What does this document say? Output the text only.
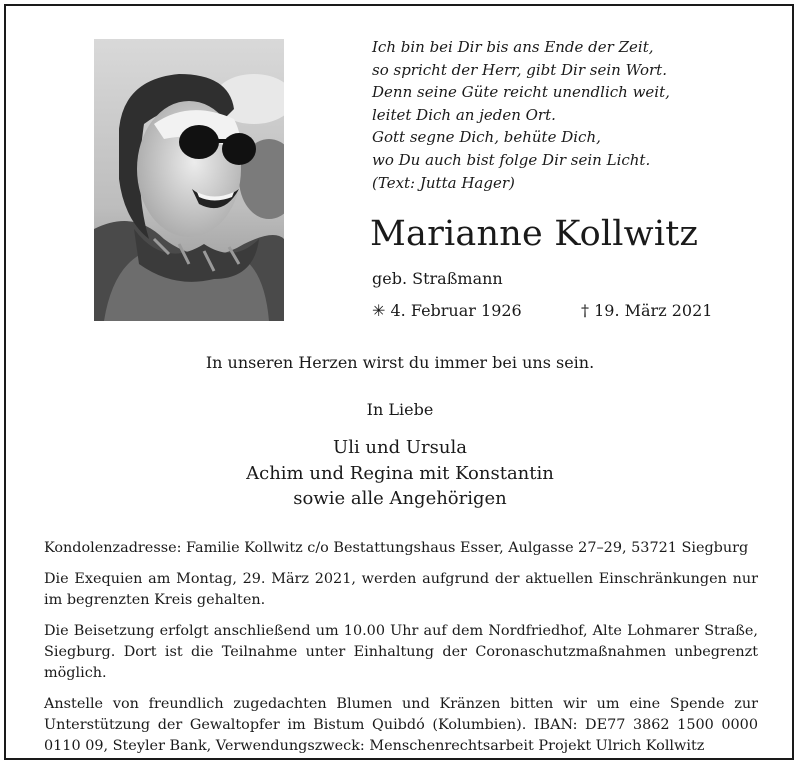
Ich bin bei Dir bis ans Ende der Zeit,
so spricht der Herr, gibt Dir sein Wort.
Denn seine Güte reicht unendlich weit,
leitet Dich an jeden Ort.
Gott segne Dich, behüte Dich,
wo Du auch bist folge Dir sein Licht.
(Text: Jutta Hager)
Marianne Kollwitz
geb. Straßmann
✳ 4. Februar 1926	† 19. März 2021
In unseren Herzen wirst du immer bei uns sein.
In Liebe
Uli und Ursula
Achim und Regina mit Konstantin
sowie alle Angehörigen

Kondolenzadresse: Familie Kollwitz c/o Bestattungshaus Esser, Aulgasse 27–29, 53721 Siegburg

Die Exequien am Montag, 29. März 2021, werden aufgrund der aktuellen Einschränkungen nur im begrenzten Kreis gehalten.

Die Beisetzung erfolgt anschließend um 10.00 Uhr auf dem Nordfriedhof, Alte Lohmarer Straße, Siegburg. Dort ist die Teilnahme unter Einhaltung der Coronaschutzmaßnahmen unbegrenzt möglich.

Anstelle von freundlich zugedachten Blumen und Kränzen bitten wir um eine Spende zur Unterstützung der Gewaltopfer im Bistum Quibdó (Kolumbien). IBAN: DE77 3862 1500 0000 0110 09, Steyler Bank, Verwendungszweck: Menschenrechtsarbeit Projekt Ulrich Kollwitz
